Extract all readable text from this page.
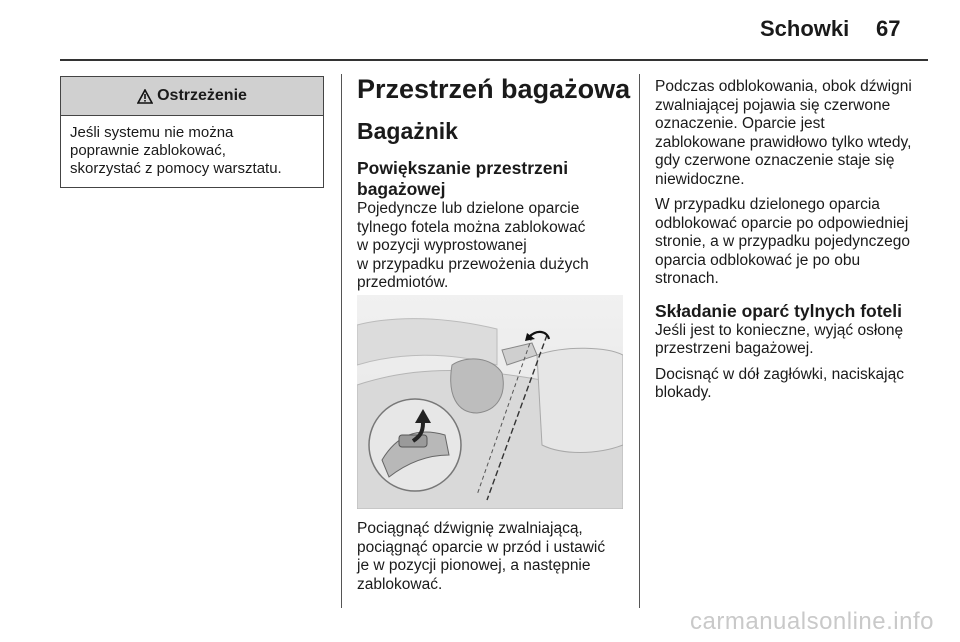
Schowki 67
Ostrzeżenie
Jeśli systemu nie można
poprawnie zablokować,
skorzystać z pomocy warsztatu.
Przestrzeń bagażowa
Bagażnik
Powiększanie przestrzeni
bagażowej
Pojedyncze lub dzielone oparcie
tylnego fotela można zablokować
w pozycji wyprostowanej
w przypadku przewożenia dużych
przedmiotów.
Pociągnąć dźwignię zwalniającą,
pociągnąć oparcie w przód i ustawić
je w pozycji pionowej, a następnie
zablokować.
Podczas odblokowania, obok dźwigni
zwalniającej pojawia się czerwone
oznaczenie. Oparcie jest
zablokowane prawidłowo tylko wtedy,
gdy czerwone oznaczenie staje się
niewidoczne.
W przypadku dzielonego oparcia
odblokować oparcie po odpowiedniej
stronie, a w przypadku pojedynczego
oparcia odblokować je po obu
stronach.
Składanie oparć tylnych foteli
Jeśli jest to konieczne, wyjąć osłonę
przestrzeni bagażowej.
Docisnąć w dół zagłówki, naciskając
blokady.
carmanualsonline.info
